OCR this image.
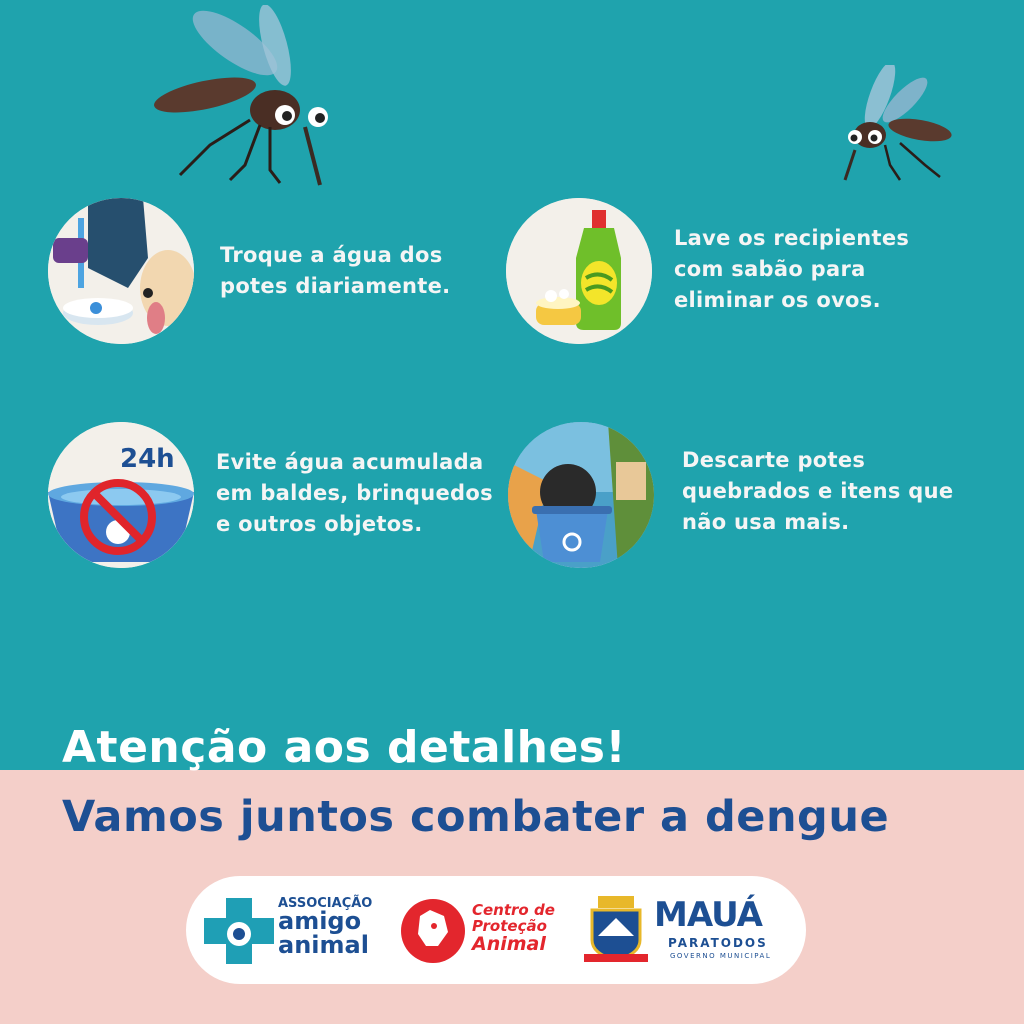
Troque a água dos
potes diariamente.
Lave os recipientes
com sabão para
eliminar os ovos.
24h Evite água acumulada
em baldes, brinquedos
e outros objetos.
Descarte potes
quebrados e itens que
não usa mais.
Atenção aos detalhes!
Vamos juntos combater a dengue
ASSOCIAÇÃO
amigo
animal
Centro de
Proteção
Animal
MAUÁ
PARATODOS
GOVERNO MUNICIPAL
